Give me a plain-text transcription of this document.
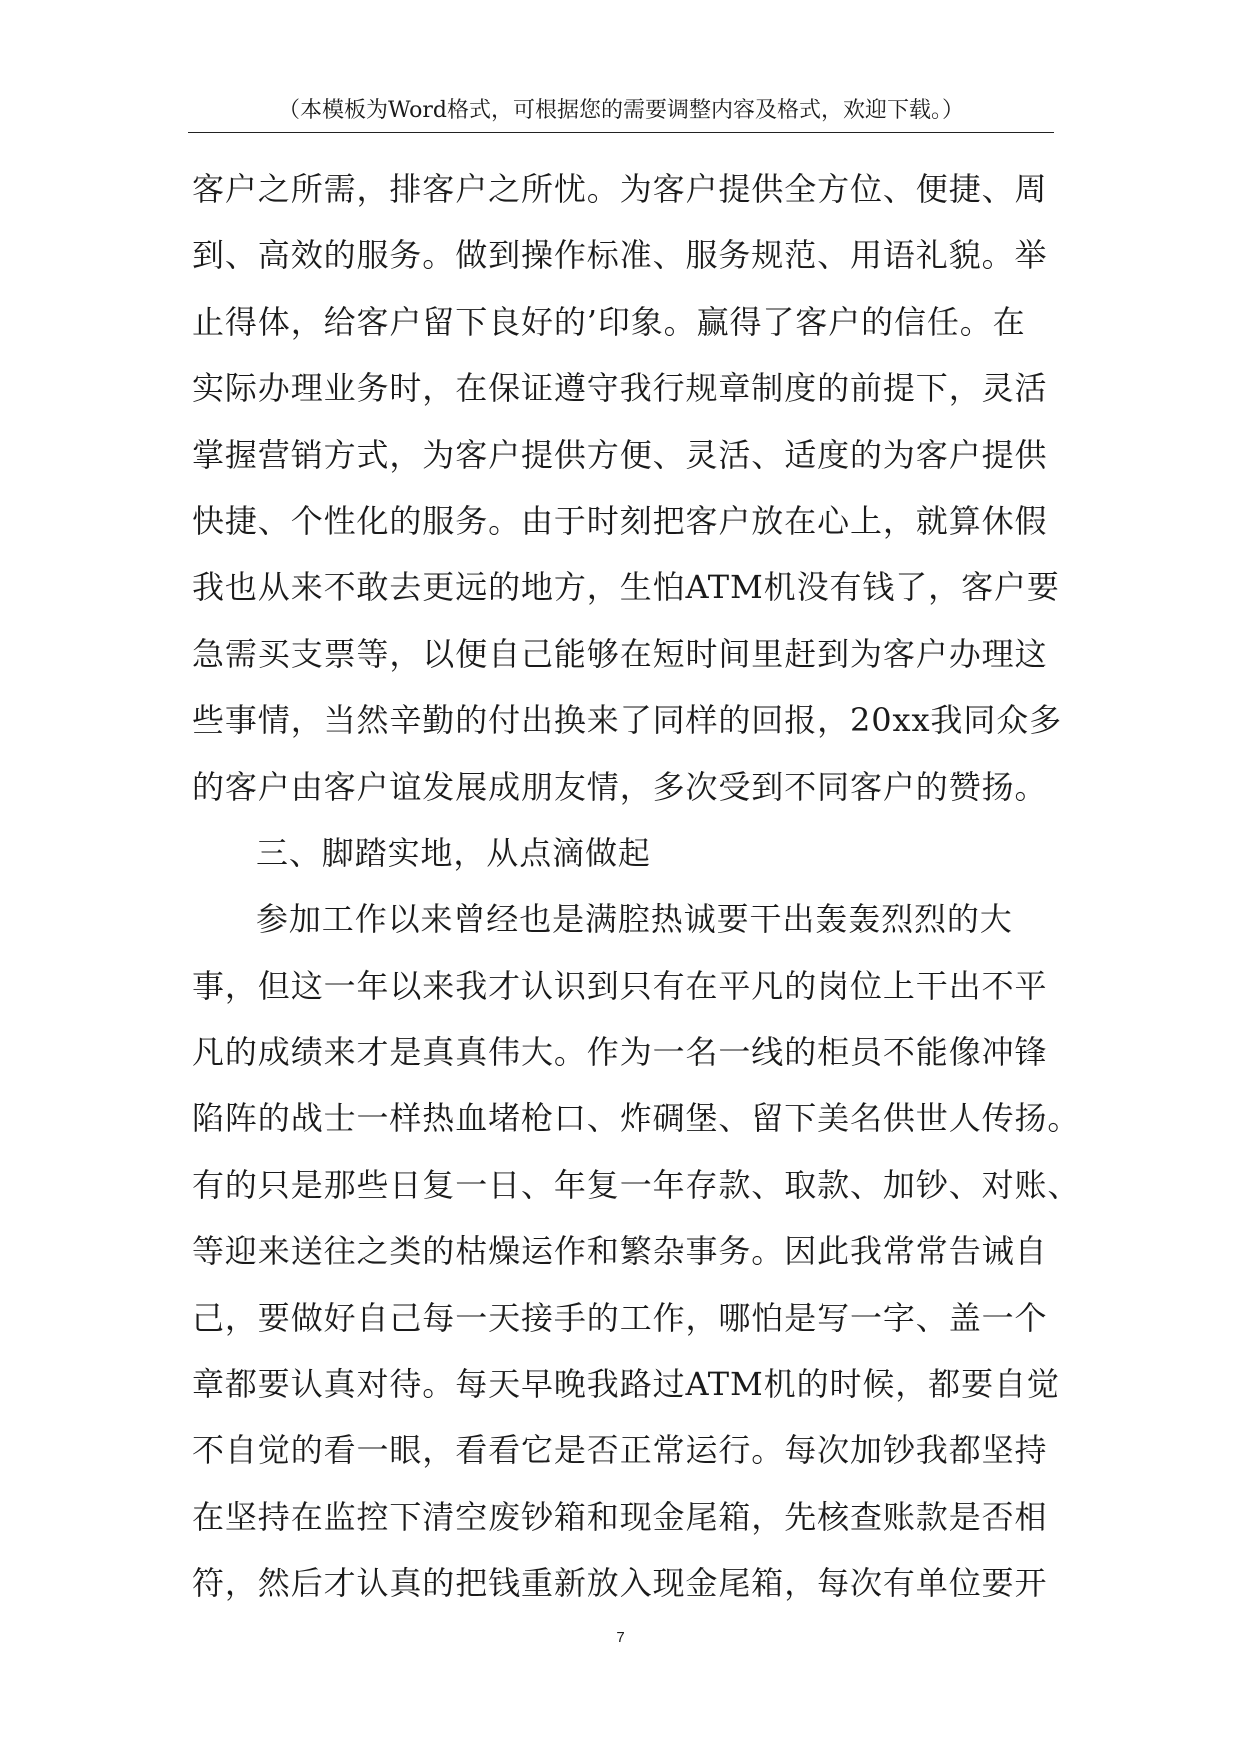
（本模板为Word格式，可根据您的需要调整内容及格式，欢迎下载。）
客户之所需，排客户之所忧。为客户提供全方位、便捷、周
到、高效的服务。做到操作标准、服务规范、用语礼貌。举
止得体，给客户留下良好的’印象。赢得了客户的信任。在
实际办理业务时，在保证遵守我行规章制度的前提下，灵活
掌握营销方式，为客户提供方便、灵活、适度的为客户提供
快捷、个性化的服务。由于时刻把客户放在心上，就算休假
我也从来不敢去更远的地方，生怕ATM机没有钱了，客户要
急需买支票等，以便自己能够在短时间里赶到为客户办理这
些事情，当然辛勤的付出换来了同样的回报，20xx我同众多
的客户由客户谊发展成朋友情，多次受到不同客户的赞扬。
三、脚踏实地，从点滴做起
参加工作以来曾经也是满腔热诚要干出轰轰烈烈的大
事，但这一年以来我才认识到只有在平凡的岗位上干出不平
凡的成绩来才是真真伟大。作为一名一线的柜员不能像冲锋
陷阵的战士一样热血堵枪口、炸碉堡、留下美名供世人传扬。
有的只是那些日复一日、年复一年存款、取款、加钞、对账、
等迎来送往之类的枯燥运作和繁杂事务。因此我常常告诫自
己，要做好自己每一天接手的工作，哪怕是写一字、盖一个
章都要认真对待。每天早晚我路过ATM机的时候，都要自觉
不自觉的看一眼，看看它是否正常运行。每次加钞我都坚持
在坚持在监控下清空废钞箱和现金尾箱，先核查账款是否相
符，然后才认真的把钱重新放入现金尾箱，每次有单位要开
7
